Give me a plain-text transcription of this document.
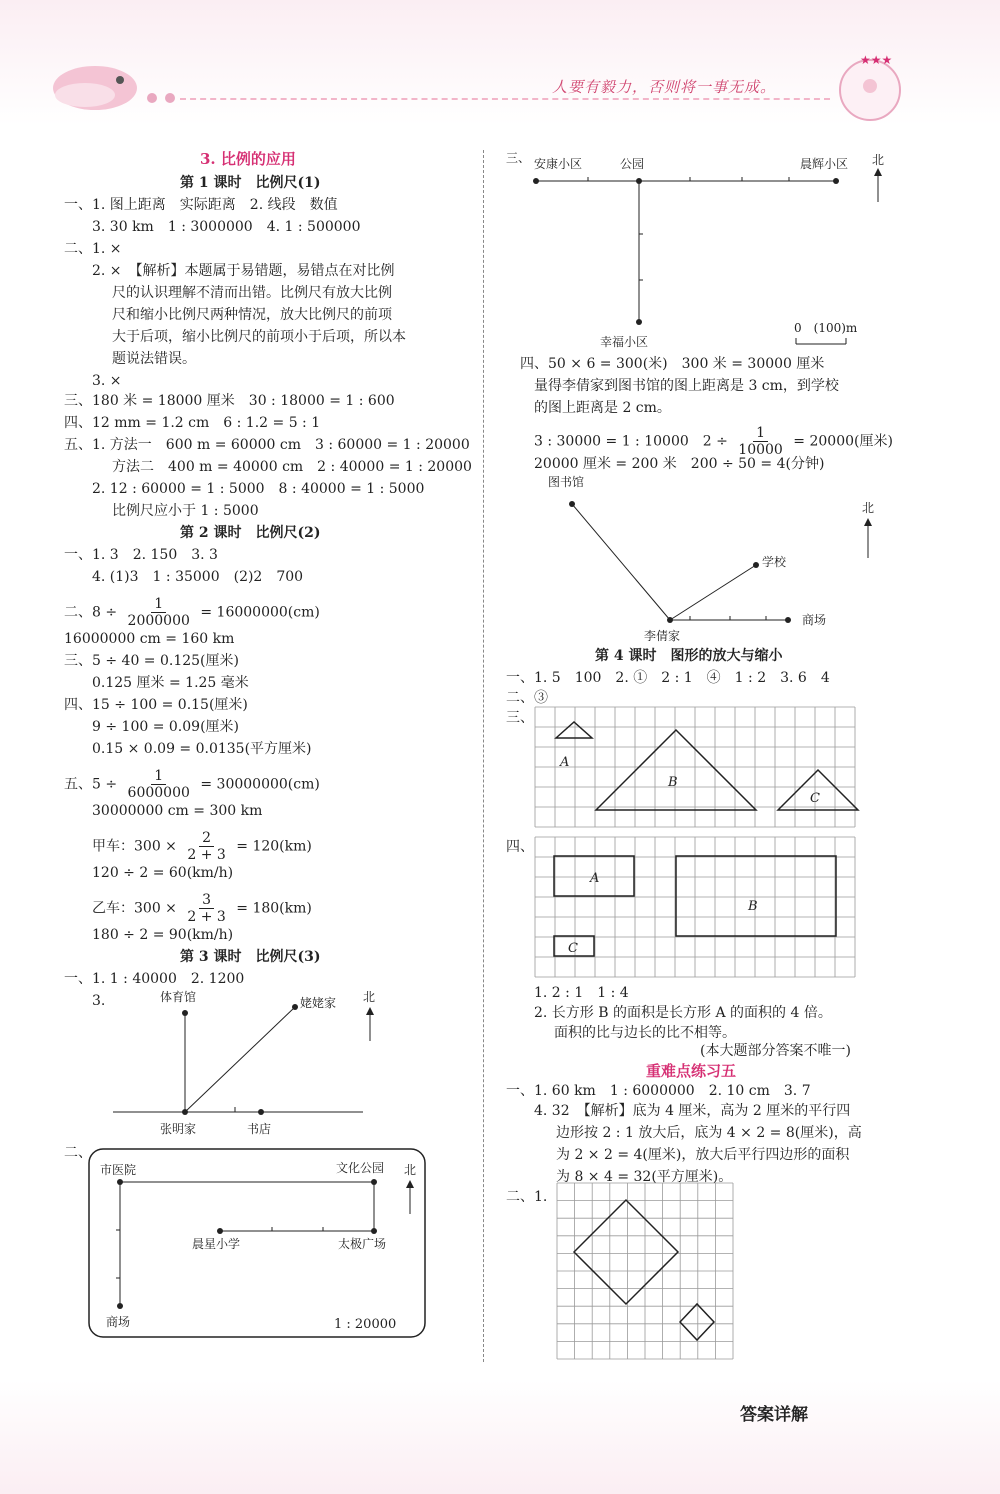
人要有毅力，否则将一事无成。
★★★
3. 比例的应用
第 1 课时　比例尺(1)
一、1. 图上距离　实际距离　2. 线段　数值
3. 30 km　1 : 3000000　4. 1 : 500000
二、1. ×
2. ×　【解析】本题属于易错题，易错点在对比例
尺的认识理解不清而出错。比例尺有放大比例
尺和缩小比例尺两种情况，放大比例尺的前项
大于后项，缩小比例尺的前项小于后项，所以本
题说法错误。
3. ×
三、180 米 = 18000 厘米　30 : 18000 = 1 : 600
四、12 mm = 1.2 cm　6 : 1.2 = 5 : 1
五、1. 方法一　600 m = 60000 cm　3 : 60000 = 1 : 20000
方法二　400 m = 40000 cm　2 : 40000 = 1 : 20000
2. 12 : 60000 = 1 : 5000　8 : 40000 = 1 : 5000
比例尺应小于 1 : 5000
第 2 课时　比例尺(2)
一、1. 3　2. 150　3. 3
4. (1)3　1 : 35000　(2)2　700
16000000 cm = 160 km
三、5 ÷ 40 = 0.125(厘米)
0.125 厘米 = 1.25 毫米
四、15 ÷ 100 = 0.15(厘米)
9 ÷ 100 = 0.09(厘米)
0.15 × 0.09 = 0.0135(平方厘米)
30000000 cm = 300 km
120 ÷ 2 = 60(km/h)
180 ÷ 2 = 90(km/h)
第 3 课时　比例尺(3)
一、1. 1 : 40000　2. 1200
3.
二、
二、$8 \div \frac{1}{2000000} = 16000000(cm)$
五、$5 \div \frac{1}{6000000} = 30000000(cm)$
甲车：$300 \times \frac{2}{2 + 3} = 120(km)$
乙车：$300 \times \frac{3}{2 + 3} = 180(km)$
四、50 × 6 = 300(米)　300 米 = 30000 厘米
量得李倩家到图书馆的图上距离是 3 cm，到学校
的图上距离是 2 cm。
20000 厘米 = 200 米　200 ÷ 50 = 4(分钟)
第 4 课时　图形的放大与缩小
一、1. 5　100　2. ①　2 : 1　④　1 : 2　3. 6　4
二、③
三、
四、
1. 2 : 1　1 : 4
2. 长方形 B 的面积是长方形 A 的面积的 4 倍。
面积的比与边长的比不相等。
(本大题部分答案不唯一)
重难点练习五
一、1. 60 km　1 : 6000000　2. 10 cm　3. 7
4. 32　【解析】底为 4 厘米，高为 2 厘米的平行四
边形按 2 : 1 放大后，底为 4 × 2 = 8(厘米)，高
为 2 × 2 = 4(厘米)，放大后平行四边形的面积
为 8 × 4 = 32(平方厘米)。
二、1.
3 : 30000 = 1 : 10000　$2 \div \frac{1}{10000} = 20000$(厘米)
体育馆	姥姥家 北
张明家	书店
市医院	文化公园 北
晨星小学	太极广场
商场	1 : 20000
三、 安康小区	公园	晨辉小区 北
幸福小区
0　(100)m
图书馆
北
学校
商场
李倩家
A
B
C
A
B
C
答案详解
